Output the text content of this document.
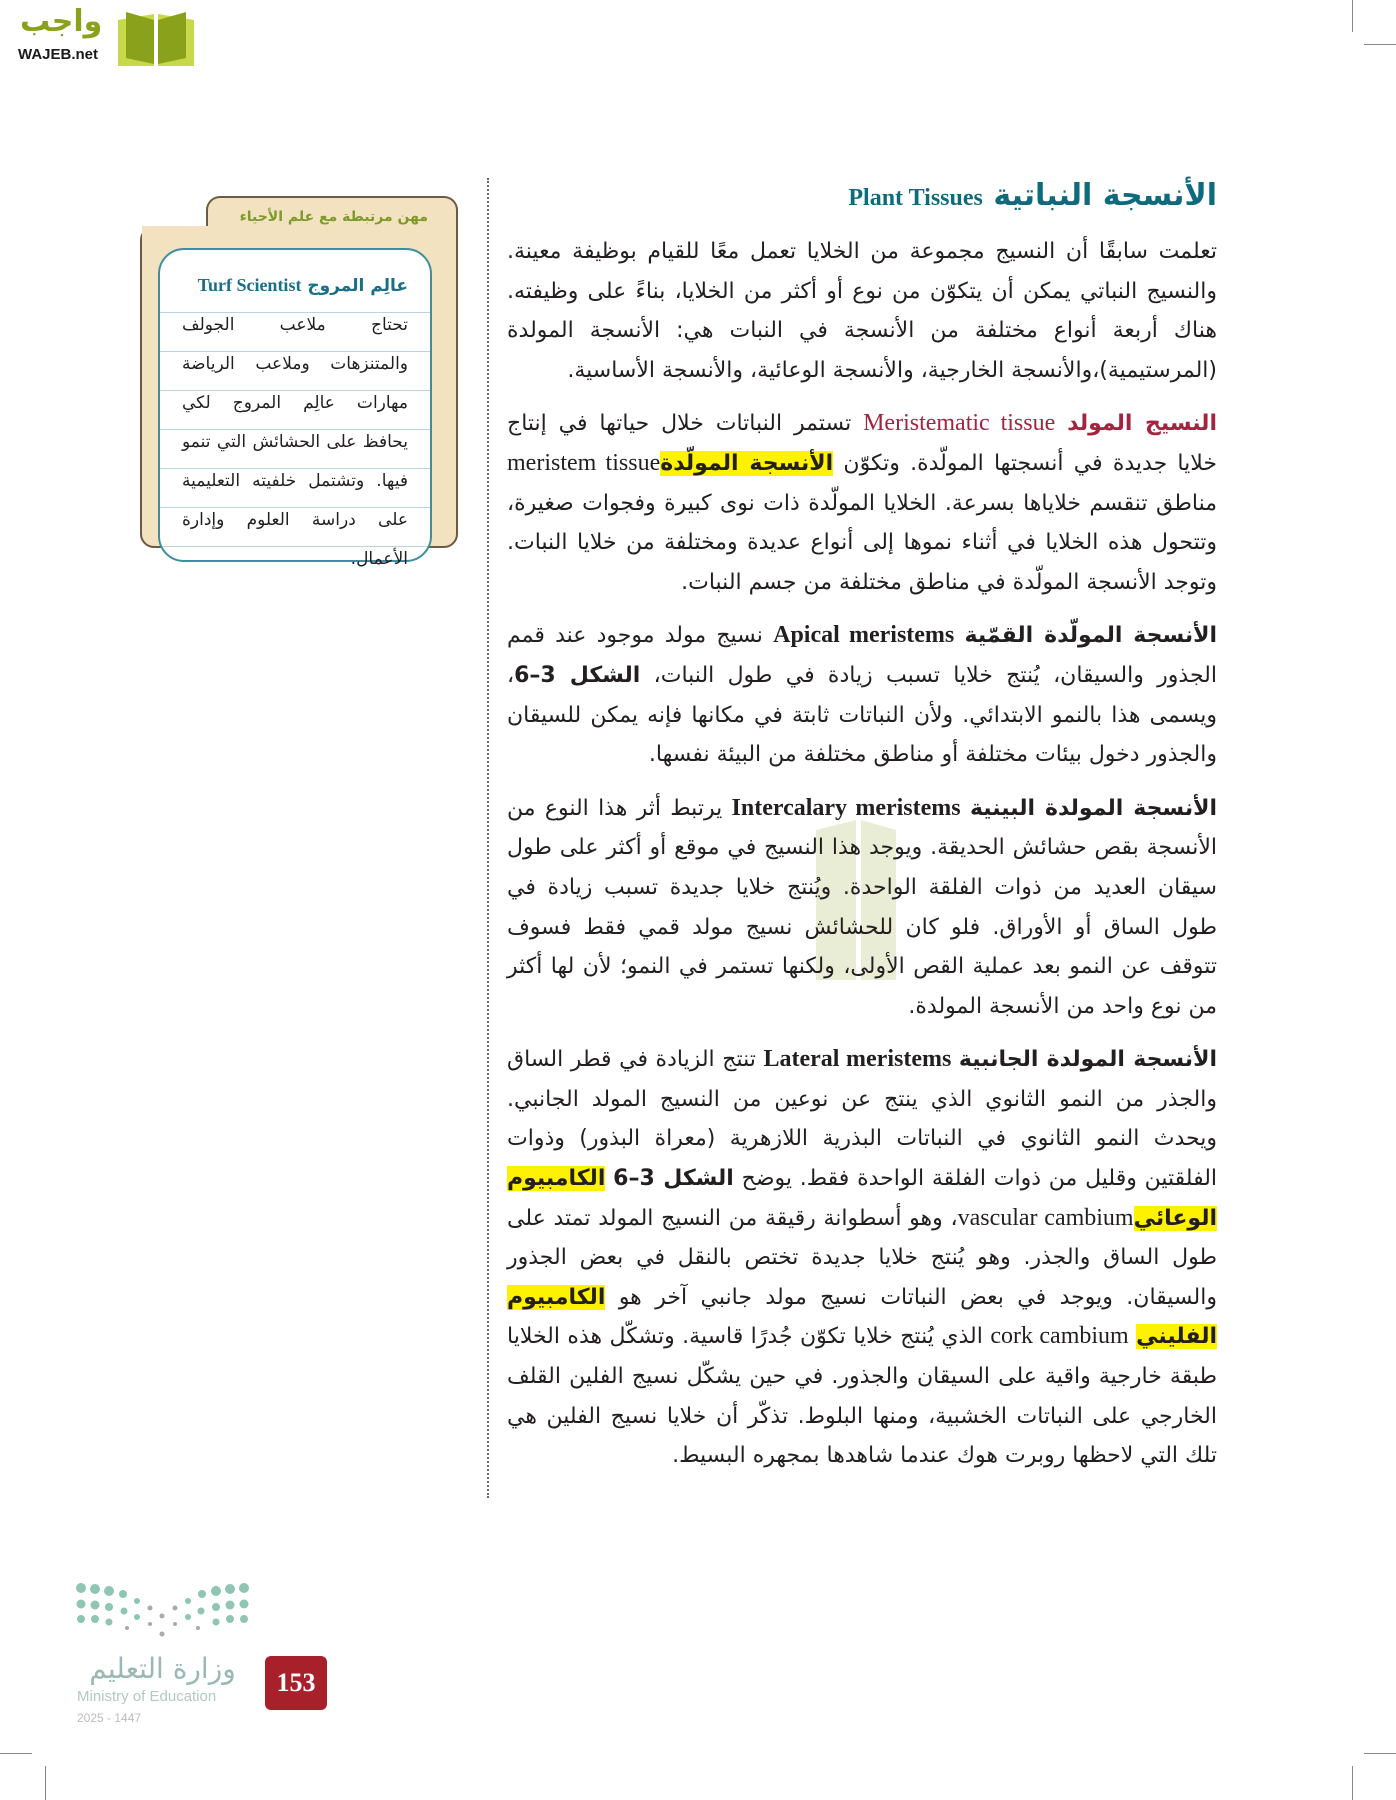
واجب
WAJEB.net
الأنسجة النباتية Plant Tissues

تعلمت سابقًا أن النسيج مجموعة من الخلايا تعمل معًا للقيام بوظيفة معينة. والنسيج النباتي يمكن أن يتكوّن من نوع أو أكثر من الخلايا، بناءً على وظيفته. هناك أربعة أنواع مختلفة من الأنسجة في النبات هي: الأنسجة المولدة (المرستيمية)،والأنسجة الخارجية، والأنسجة الوعائية، والأنسجة الأساسية.

النسيج المولد Meristematic tissue تستمر النباتات خلال حياتها في إنتاج خلايا جديدة في أنسجتها المولّدة. وتكوّن الأنسجة المولّدةmeristem tissue مناطق تنقسم خلاياها بسرعة. الخلايا المولّدة ذات نوى كبيرة وفجوات صغيرة، وتتحول هذه الخلايا في أثناء نموها إلى أنواع عديدة ومختلفة من خلايا النبات. وتوجد الأنسجة المولّدة في مناطق مختلفة من جسم النبات.

الأنسجة المولّدة القمّية Apical meristems نسيج مولد موجود عند قمم الجذور والسيقان، يُنتج خلايا تسبب زيادة في طول النبات، الشكل 3–6، ويسمى هذا بالنمو الابتدائي. ولأن النباتات ثابتة في مكانها فإنه يمكن للسيقان والجذور دخول بيئات مختلفة أو مناطق مختلفة من البيئة نفسها.

الأنسجة المولدة البينية Intercalary meristems يرتبط أثر هذا النوع من الأنسجة بقص حشائش الحديقة. ويوجد هذا النسيج في موقع أو أكثر على طول سيقان العديد من ذوات الفلقة الواحدة. ويُنتج خلايا جديدة تسبب زيادة في طول الساق أو الأوراق. فلو كان للحشائش نسيج مولد قمي فقط فسوف تتوقف عن النمو بعد عملية القص الأولى، ولكنها تستمر في النمو؛ لأن لها أكثر من نوع واحد من الأنسجة المولدة.

الأنسجة المولدة الجانبية Lateral meristems تنتج الزيادة في قطر الساق والجذر من النمو الثانوي الذي ينتج عن نوعين من النسيج المولد الجانبي. ويحدث النمو الثانوي في النباتات البذرية اللازهرية (معراة البذور) وذوات الفلقتين وقليل من ذوات الفلقة الواحدة فقط. يوضح الشكل 3–6 الكامبيوم الوعائيvascular cambium، وهو أسطوانة رقيقة من النسيج المولد تمتد على طول الساق والجذر. وهو يُنتج خلايا جديدة تختص بالنقل في بعض الجذور والسيقان. ويوجد في بعض النباتات نسيج مولد جانبي آخر هو الكامبيوم الفليني cork cambium الذي يُنتج خلايا تكوّن جُدرًا قاسية. وتشكّل هذه الخلايا طبقة خارجية واقية على السيقان والجذور. في حين يشكّل نسيج الفلين القلف الخارجي على النباتات الخشبية، ومنها البلوط. تذكّر أن خلايا نسيج الفلين هي تلك التي لاحظها روبرت هوك عندما شاهدها بمجهره البسيط.

مهن مرتبطة مع علم الأحياء
عالِم المروج Turf Scientist
تحتاج ملاعب الجولف والمتنزهات وملاعب الرياضة مهارات عالِم المروج لكي يحافظ على الحشائش التي تنمو فيها. وتشتمل خلفيته التعليمية على دراسة العلوم وإدارة الأعمال.
وزارة التعليم
Ministry of Education
2025 - 1447
153
